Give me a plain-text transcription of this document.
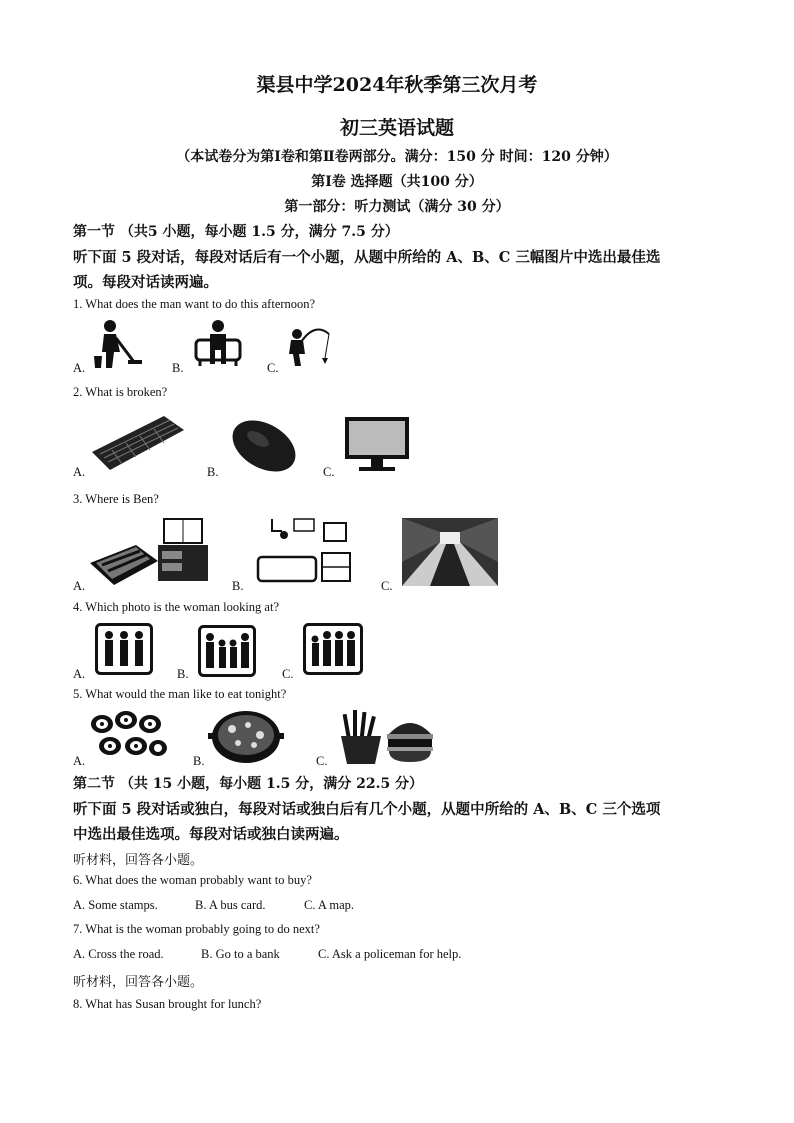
渠县中学2024年秋季第三次月考
初三英语试题
（本试卷分为第Ⅰ卷和第Ⅱ卷两部分。满分：150 分 时间：120 分钟）
第Ⅰ卷 选择题（共100 分）
第一部分：听力测试（满分 30 分）
第一节 （共5 小题，每小题 1.5 分，满分 7.5 分）
听下面 5 段对话，每段对话后有一个小题，从题中所给的 A、B、C 三幅图片中选出最佳选
项。每段对话读两遍。
1. What does the man want to do this afternoon?
A.	B.	C.
2. What is broken?
A.	B.	C.
3. Where is Ben?
A.	B.	C.
4. Which photo is the woman looking at?
A.	B.	C.
5. What would the man like to eat tonight?
A.	B.	C.
第二节 （共 15 小题，每小题 1.5 分，满分 22.5 分）
听下面 5 段对话或独白，每段对话或独白后有几个小题，从题中所给的 A、B、C 三个选项
中选出最佳选项。每段对话或独白读两遍。
听材料，回答各小题。
6. What does the woman probably want to buy?
A. Some stamps.	B. A bus card.	C. A map.
7. What is the woman probably going to do next?
A. Cross the road.	B. Go to a bank	C. Ask a policeman for help.
听材料，回答各小题。
8. What has Susan brought for lunch?
